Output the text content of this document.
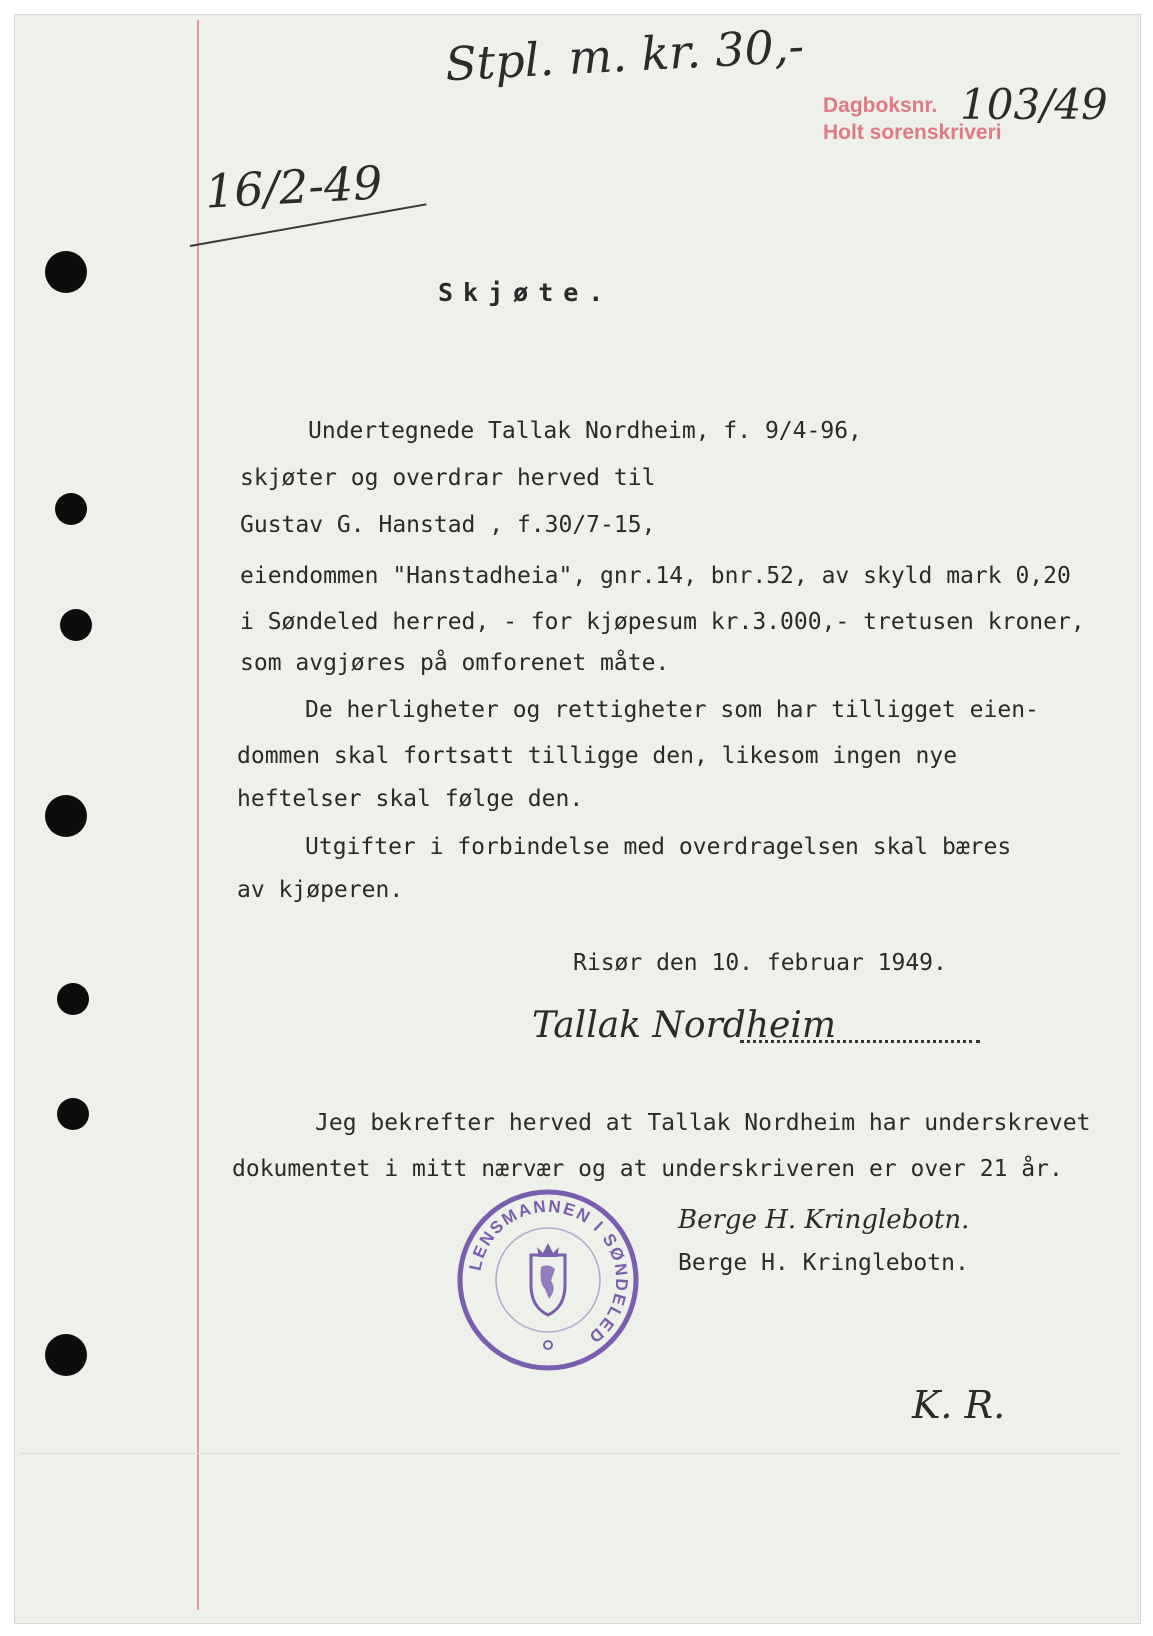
Stpl. m. kr. 30,-
16/2-49
Dagboksnr.
Holt sorenskriveri
103/49
Skjøte.
Undertegnede Tallak Nordheim, f. 9/4-96,
skjøter og overdrar herved til
Gustav G. Hanstad , f.30/7-15,
eiendommen "Hanstadheia", gnr.14, bnr.52, av skyld mark 0,20
i Søndeled herred, - for kjøpesum kr.3.000,- tretusen kroner,
som avgjøres på omforenet måte.
De herligheter og rettigheter som har tilligget eien-
dommen skal fortsatt tilligge den, likesom ingen nye
heftelser skal følge den.
Utgifter i forbindelse med overdragelsen skal bæres
av kjøperen.
Risør den 10. februar 1949.
Tallak Nordheim
Jeg bekrefter herved at Tallak Nordheim har underskrevet
dokumentet i mitt nærvær og at underskriveren er over 21 år.
Berge H. Kringlebotn.
Berge H. Kringlebotn.
LENSMANNEN I SØNDELED
K. R.
